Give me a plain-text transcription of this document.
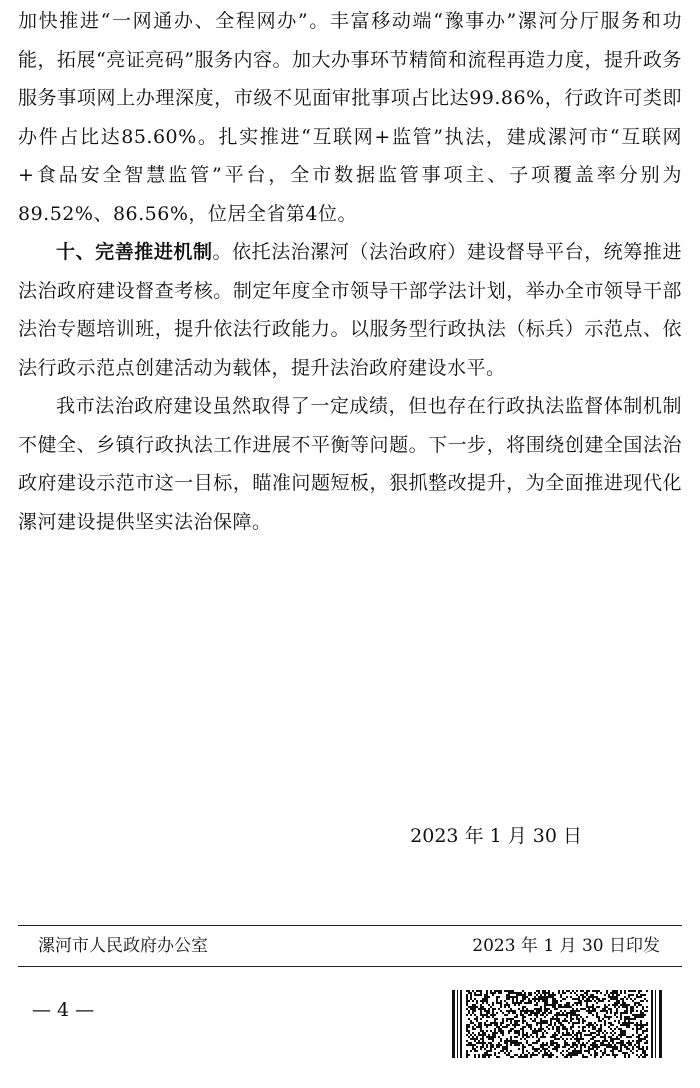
加快推进“一网通办、全程网办”。丰富移动端“豫事办”漯河分厅服务和功能，拓展“亮证亮码”服务内容。加大办事环节精简和流程再造力度，提升政务服务事项网上办理深度，市级不见面审批事项占比达99.86%，行政许可类即办件占比达85.60%。扎实推进“互联网+监管”执法，建成漯河市“互联网+食品安全智慧监管”平台，全市数据监管事项主、子项覆盖率分别为89.52%、86.56%，位居全省第4位。

十、完善推进机制。依托法治漯河（法治政府）建设督导平台，统筹推进法治政府建设督查考核。制定年度全市领导干部学法计划，举办全市领导干部法治专题培训班，提升依法行政能力。以服务型行政执法（标兵）示范点、依法行政示范点创建活动为载体，提升法治政府建设水平。

我市法治政府建设虽然取得了一定成绩，但也存在行政执法监督体制机制不健全、乡镇行政执法工作进展不平衡等问题。下一步，将围绕创建全国法治政府建设示范市这一目标，瞄准问题短板，狠抓整改提升，为全面推进现代化漯河建设提供坚实法治保障。

2023 年 1 月 30 日
漯河市人民政府办公室	2023 年 1 月 30 日印发
— 4 —
